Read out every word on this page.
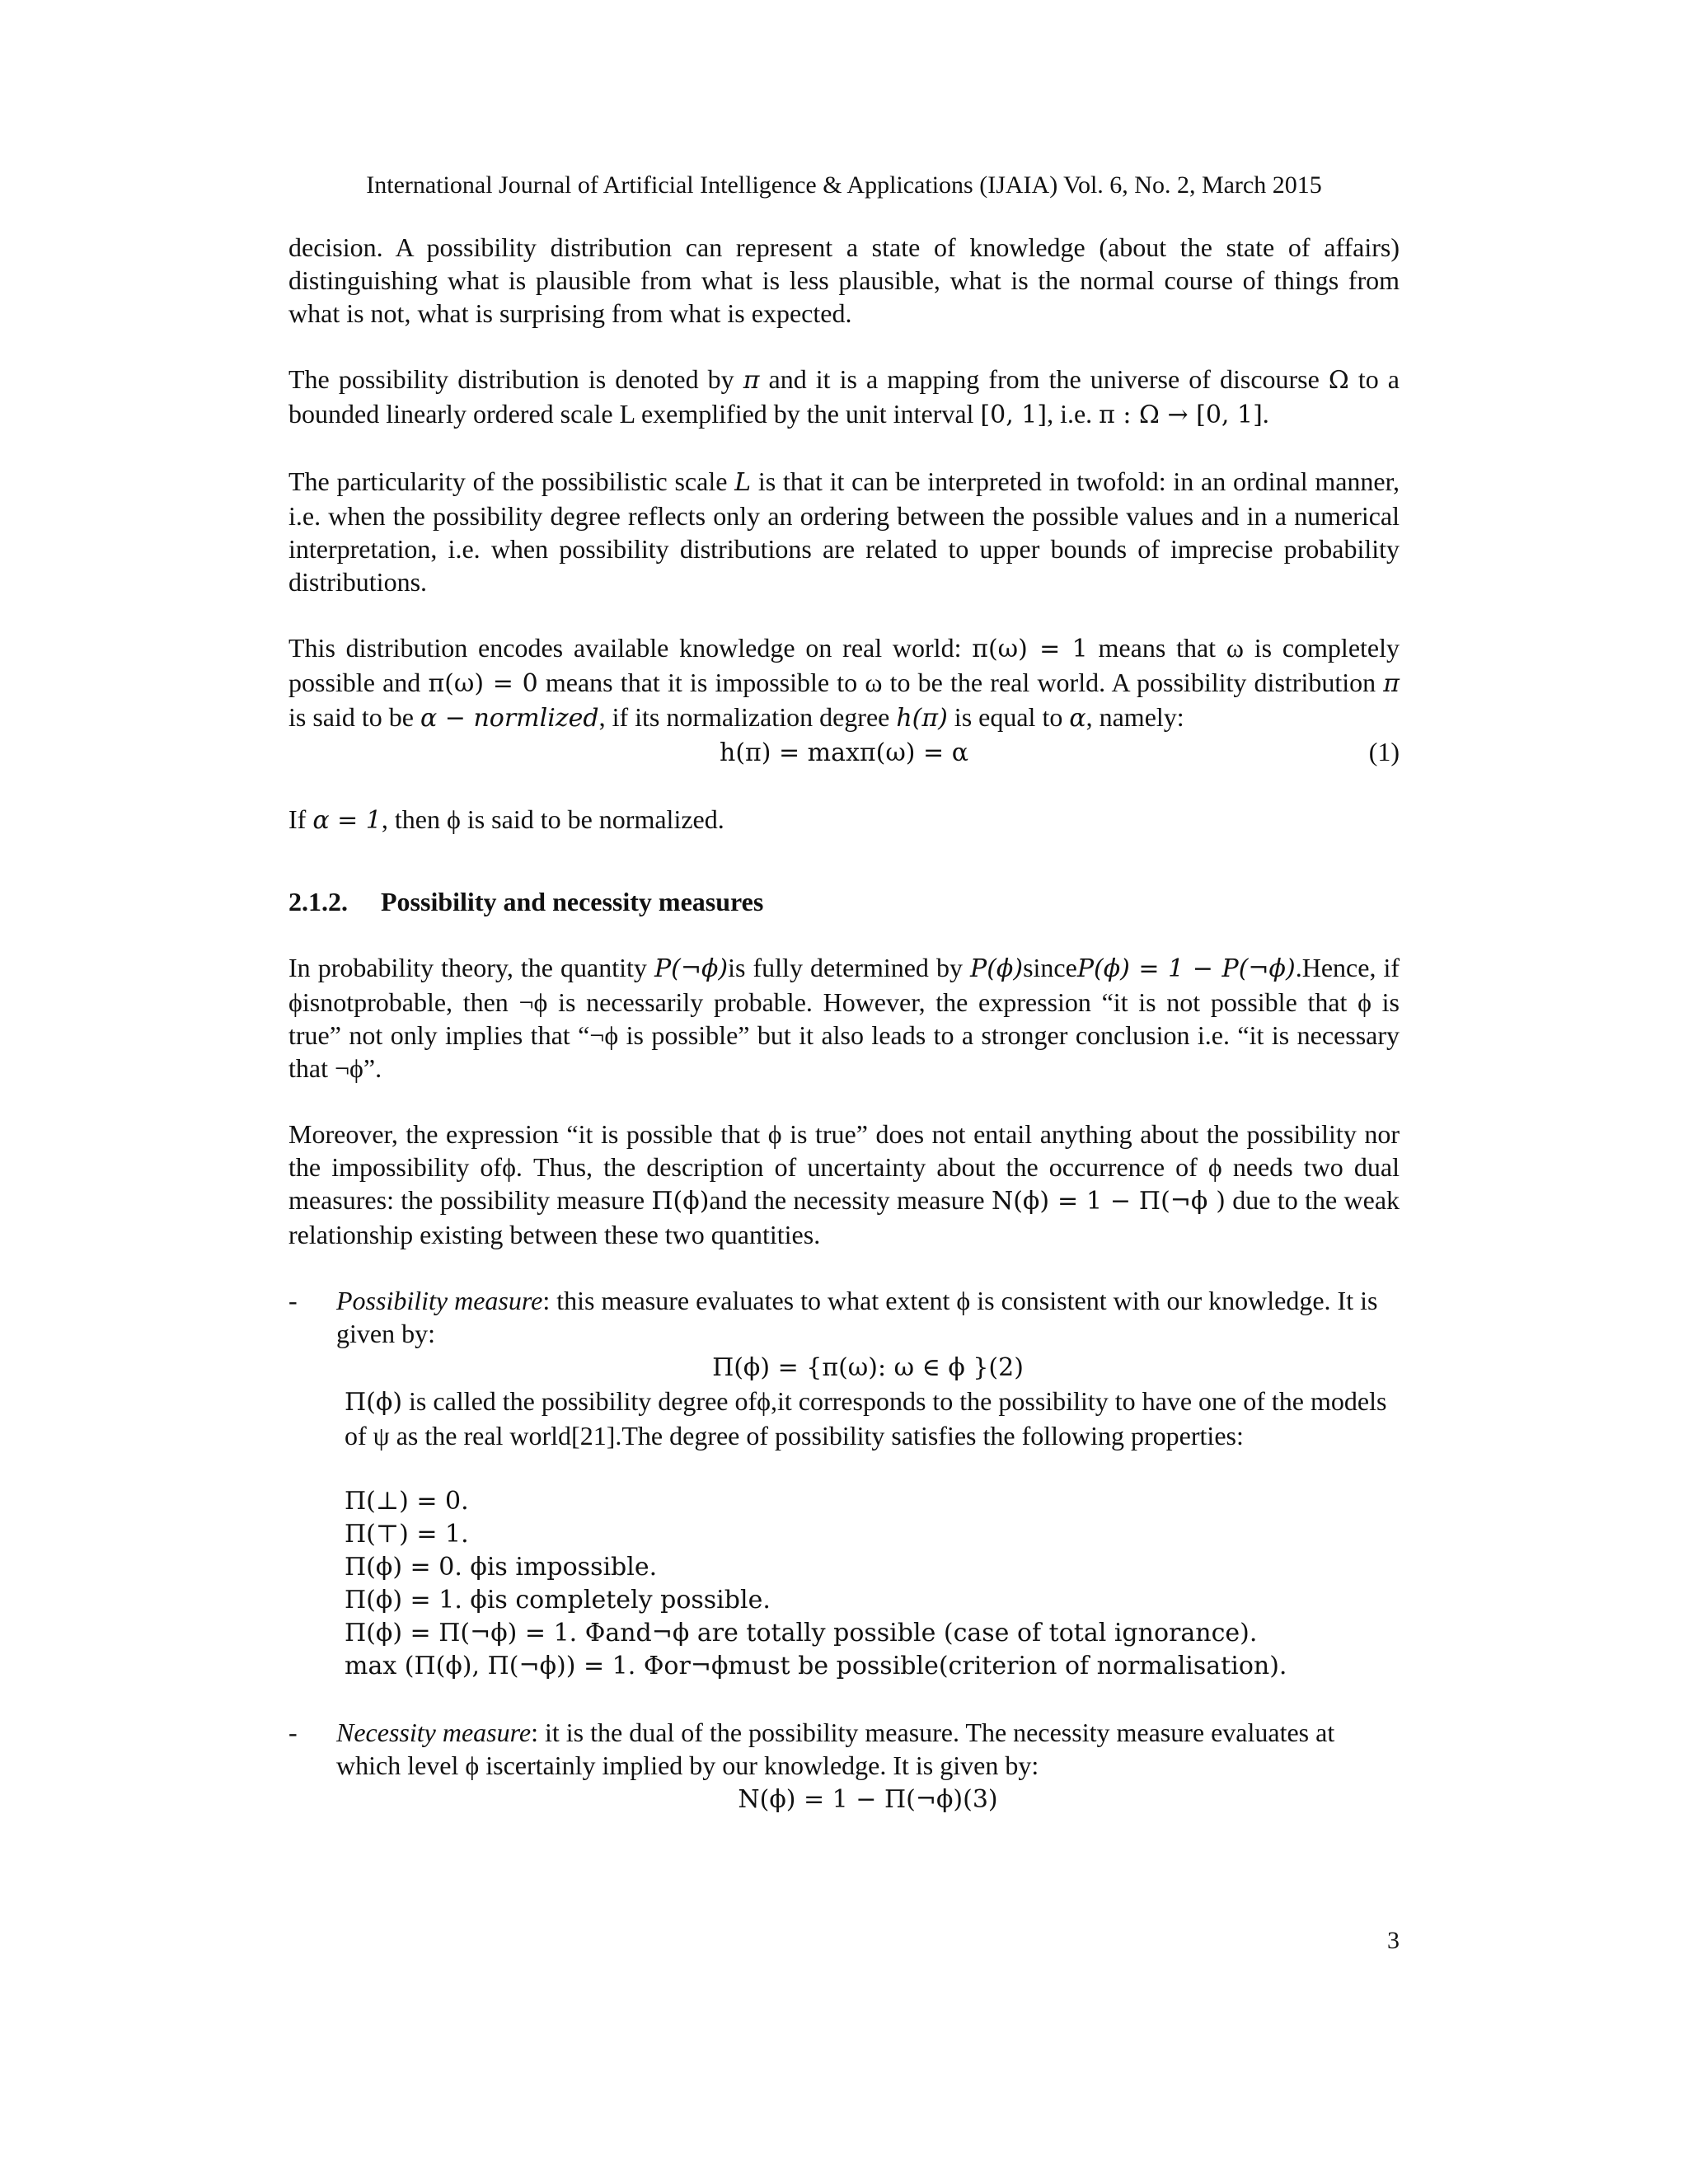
International Journal of Artificial Intelligence & Applications (IJAIA) Vol. 6, No. 2, March 2015

decision. A possibility distribution can represent a state of knowledge (about the state of affairs) distinguishing what is plausible from what is less plausible, what is the normal course of things from what is not, what is surprising from what is expected.

The possibility distribution is denoted by π and it is a mapping from the universe of discourse Ω to a bounded linearly ordered scale L exemplified by the unit interval [0, 1], i.e. π : Ω → [0, 1].

The particularity of the possibilistic scale L is that it can be interpreted in twofold: in an ordinal manner, i.e. when the possibility degree reflects only an ordering between the possible values and in a numerical interpretation, i.e. when possibility distributions are related to upper bounds of imprecise probability distributions.

This distribution encodes available knowledge on real world: π(ω) = 1 means that ω is completely possible and π(ω) = 0 means that it is impossible to ω to be the real world. A possibility distribution π is said to be α − normlized, if its normalization degree h(π) is equal to α, namely:

h(π) = maxπ(ω) = α	(1)

If α = 1, then ϕ is said to be normalized.

2.1.2. Possibility and necessity measures

In probability theory, the quantity P(¬ϕ)is fully determined by P(ϕ)sinceP(ϕ) = 1 − P(¬ϕ).Hence, if ϕisnotprobable, then ¬ϕ is necessarily probable. However, the expression “it is not possible that ϕ is true” not only implies that “¬ϕ is possible” but it also leads to a stronger conclusion i.e. “it is necessary that ¬ϕ”.

Moreover, the expression “it is possible that ϕ is true” does not entail anything about the possibility nor the impossibility ofϕ. Thus, the description of uncertainty about the occurrence of ϕ needs two dual measures: the possibility measure Π(ϕ)and the necessity measure N(ϕ) = 1 − Π(¬ϕ ) due to the weak relationship existing between these two quantities.

- Possibility measure: this measure evaluates to what extent ϕ is consistent with our knowledge. It is given by:

Π(ϕ) = {π(ω): ω ∈ ϕ }(2)

Π(ϕ) is called the possibility degree ofϕ,it corresponds to the possibility to have one of the models of ψ as the real world[21].The degree of possibility satisfies the following properties:

Π(⊥) = 0.
Π(⊤) = 1.
Π(ϕ) = 0. ϕis impossible.
Π(ϕ) = 1. ϕis completely possible.
Π(ϕ) = Π(¬ϕ) = 1. Φand¬ϕ are totally possible (case of total ignorance).
max (Π(ϕ), Π(¬ϕ)) = 1. Φor¬ϕmust be possible(criterion of normalisation).
- Necessity measure: it is the dual of the possibility measure. The necessity measure evaluates at which level ϕ iscertainly implied by our knowledge. It is given by:

N(ϕ) = 1 − Π(¬ϕ)(3)
3
